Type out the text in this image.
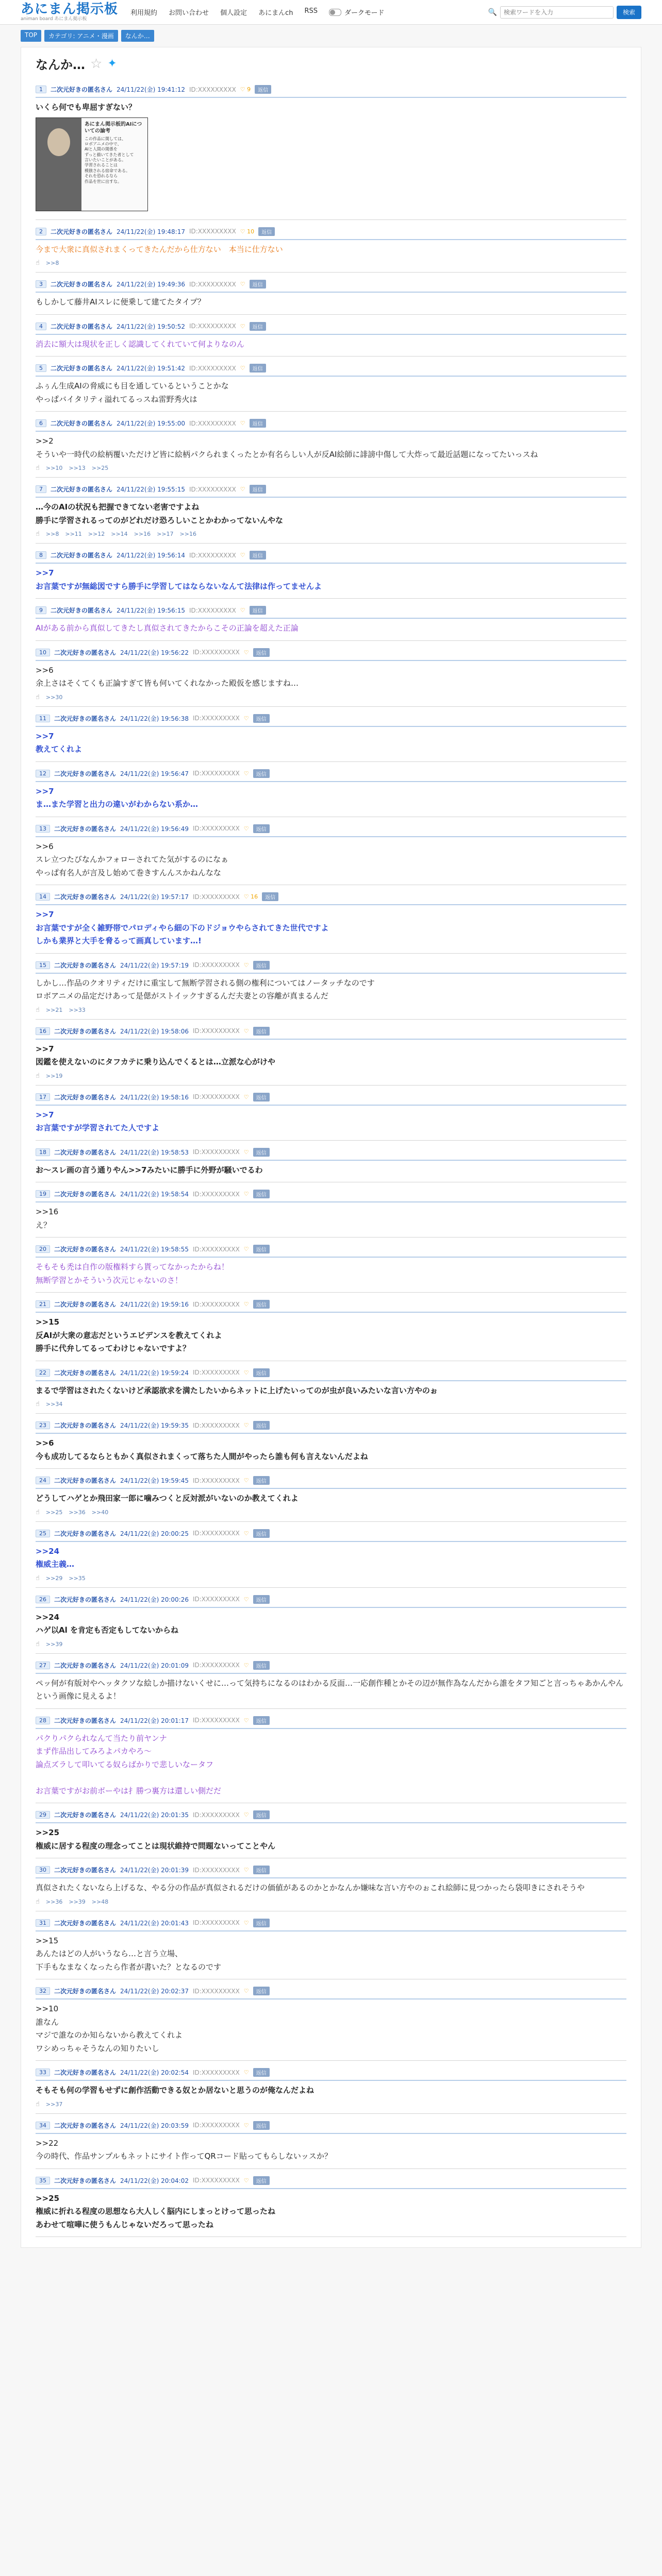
あにまん掲示板
animan board あにまん掲示板
利用規約 お問い合わせ 個人設定 あにまんch RSS	ダークモード	🔍
検索ワードを入力	検索
TOP	カテゴリ: アニメ・漫画	なんか…
なんか… ☆ ✦
1	二次元好きの匿名さん 24/11/22(金) 19:41:12 ID:XXXXXXXXX ♡ 9	返信
いくら何でも卑屈すぎない？
あにまん掲示板的AIについての論考
この作品に関しては、
ロボアニメの中で、
AIと人間の関係を
ずっと描いてきた者として
言いたいことがある。
学習されることは
模倣される宿命である。
それを恐れるなら
作品を世に出すな。
2	二次元好きの匿名さん 24/11/22(金) 19:48:17 ID:XXXXXXXXX ♡ 10	返信
今まで大衆に真似されまくってきたんだから仕方ない　本当に仕方ない
☝ >>8
3	二次元好きの匿名さん 24/11/22(金) 19:49:36 ID:XXXXXXXXX ♡	返信
もしかして藤井AIスレに便乗して建てたタイプ？
4	二次元好きの匿名さん 24/11/22(金) 19:50:52 ID:XXXXXXXXX ♡	返信
消去に額大は現状を正しく認識してくれていて何よりなのん
5	二次元好きの匿名さん 24/11/22(金) 19:51:42 ID:XXXXXXXXX ♡	返信
ふぅん生成AIの脅威にも目を通しているということかな
やっぱバイタリティ溢れてるっスね雷野秀火は
6	二次元好きの匿名さん 24/11/22(金) 19:55:00 ID:XXXXXXXXX ♡	返信
>>2
そういや一時代の絵柄覆いただけど皆に絵柄パクられまくったとか有名らしい人が反AI絵師に誹謗中傷して大炸って最近話題になってたいっスね
☝ >>10 >>13 >>25
7	二次元好きの匿名さん 24/11/22(金) 19:55:15 ID:XXXXXXXXX ♡	返信
…今のAIの状況も把握できてない老害ですよね
勝手に学習されるってのがどれだけ恐ろしいことかわかってないんやな
☝ >>8 >>11 >>12 >>14 >>16 >>17 >>16
8	二次元好きの匿名さん 24/11/22(金) 19:56:14 ID:XXXXXXXXX ♡	返信
>>7
お言葉ですが無総図ですら勝手に学習してはならないなんて法律は作ってませんよ
9	二次元好きの匿名さん 24/11/22(金) 19:56:15 ID:XXXXXXXXX ♡	返信
AIがある前から真似してきたし真似されてきたからこその正論を超えた正論
10	二次元好きの匿名さん 24/11/22(金) 19:56:22 ID:XXXXXXXXX ♡	返信
>>6
余上さはそくてくも正論すぎて皆も何いてくれなかった殿仮を感じますね…
☝ >>30
11	二次元好きの匿名さん 24/11/22(金) 19:56:38 ID:XXXXXXXXX ♡	返信
>>7
教えてくれよ
12	二次元好きの匿名さん 24/11/22(金) 19:56:47 ID:XXXXXXXXX ♡	返信
>>7
ま…また学習と出力の違いがわからない系か…
13	二次元好きの匿名さん 24/11/22(金) 19:56:49 ID:XXXXXXXXX ♡	返信
>>6
スレ立つたびなんかフォローされてた気がするのになぁ
やっぱ有名人が言及し始めて巻きすんんスかねんなな
14	二次元好きの匿名さん 24/11/22(金) 19:57:17 ID:XXXXXXXXX ♡ 16	返信
>>7
お言葉ですが全く雑野帯でパロディやら細の下のドジョウやらされてきた世代ですよ
しかも業界と大手を脅るって画真しています…!
15	二次元好きの匿名さん 24/11/22(金) 19:57:19 ID:XXXXXXXXX ♡	返信
しかし…作品のクオリティだけに重宝して無断学習される側の権利についてはノータッチなのです
ロボアニメの品定だけあって是偲がストイックすぎるんだ夫妻との容離が真まるんだ
☝ >>21 >>33
16	二次元好きの匿名さん 24/11/22(金) 19:58:06 ID:XXXXXXXXX ♡	返信
>>7
図鑑を使えないのにタフカテに乗り込んでくるとは…立派な心がけや
☝ >>19
17	二次元好きの匿名さん 24/11/22(金) 19:58:16 ID:XXXXXXXXX ♡	返信
>>7
お言葉ですが学習されてた人ですよ
18	二次元好きの匿名さん 24/11/22(金) 19:58:53 ID:XXXXXXXXX ♡	返信
お～スレ画の言う通りやん>>7みたいに勝手に外野が騒いでるわ
19	二次元好きの匿名さん 24/11/22(金) 19:58:54 ID:XXXXXXXXX ♡	返信
>>16
え？
20	二次元好きの匿名さん 24/11/22(金) 19:58:55 ID:XXXXXXXXX ♡	返信
そもそも禿は自作の版権料すら貰ってなかったからね！
無断学習とかそういう次元じゃないのさ！
21	二次元好きの匿名さん 24/11/22(金) 19:59:16 ID:XXXXXXXXX ♡	返信
>>15
反AIが大衆の意志だというエビデンスを教えてくれよ
勝手に代弁してるってわけじゃないですよ？
22	二次元好きの匿名さん 24/11/22(金) 19:59:24 ID:XXXXXXXXX ♡	返信
まるで学習はされたくないけど承認欲求を満たしたいからネットに上げたいってのが虫が良いみたいな言い方やのぉ
☝ >>34
23	二次元好きの匿名さん 24/11/22(金) 19:59:35 ID:XXXXXXXXX ♡	返信
>>6
今も成功してるならともかく真似されまくって落ちた人間がやったら誰も何も言えないんだよね
24	二次元好きの匿名さん 24/11/22(金) 19:59:45 ID:XXXXXXXXX ♡	返信
どうしてハゲとか飛田家一郎に噛みつくと反対派がいないのか教えてくれよ
☝ >>25 >>36 >>40
25	二次元好きの匿名さん 24/11/22(金) 20:00:25 ID:XXXXXXXXX ♡	返信
>>24
権威主義…
☝ >>29 >>35
26	二次元好きの匿名さん 24/11/22(金) 20:00:26 ID:XXXXXXXXX ♡	返信
>>24
ハゲ以Al を肯定も否定もしてないからね
☝ >>39
27	二次元好きの匿名さん 24/11/22(金) 20:01:09 ID:XXXXXXXXX ♡	返信
ペッ何が有版対やヘッタクソな絵しか描けないくせに…って気持ちになるのはわかる反面…一応創作種とかその辺が無作為なんだから誰をタフ知ごと言っちゃあかんやんという画像に見えるよ！
28	二次元好きの匿名さん 24/11/22(金) 20:01:17 ID:XXXXXXXXX ♡	返信
パクりパクられなんて当たり前ヤンナ
まず作品出してみろよパカやろ～
論点ズラして叩いてる奴らばかりで悲しいなータフ

お言葉ですがお前ボーやは扌勝つ裏方は還しい側だだ
29	二次元好きの匿名さん 24/11/22(金) 20:01:35 ID:XXXXXXXXX ♡	返信
>>25
権威に居する程度の理念ってことは現状維持で問題ないってことやん
30	二次元好きの匿名さん 24/11/22(金) 20:01:39 ID:XXXXXXXXX ♡	返信
真似されたくないなら上げるな、やる分の作品が真似されるだけの価値があるのかとかなんか嫌味な言い方やのぉこれ絵師に見つかったら袋叩きにされそうや
☝ >>36 >>39 >>48
31	二次元好きの匿名さん 24/11/22(金) 20:01:43 ID:XXXXXXXXX ♡	返信
>>15
あんたはどの人がいうなら…と言う立場、
下手もなまなくなったら作者が書いた？となるのです
32	二次元好きの匿名さん 24/11/22(金) 20:02:37 ID:XXXXXXXXX ♡	返信
>>10
誰なん
マジで誰なのか知らないから教えてくれよ
ワシめっちゃそうなんの知りたいし
33	二次元好きの匿名さん 24/11/22(金) 20:02:54 ID:XXXXXXXXX ♡	返信
そもそも何の学習もせずに創作活動できる奴とか居ないと思うのが俺なんだよね
☝ >>37
34	二次元好きの匿名さん 24/11/22(金) 20:03:59 ID:XXXXXXXXX ♡	返信
>>22
今の時代、作品サンプルもネットにサイト作ってQRコード貼ってもらしないッスか？
35	二次元好きの匿名さん 24/11/22(金) 20:04:02 ID:XXXXXXXXX ♡	返信
>>25
権威に折れる程度の思想なら大人しく脳内にしまっとけって思ったね
あわせて喧嘩に使うもんじゃないだろって思ったね
